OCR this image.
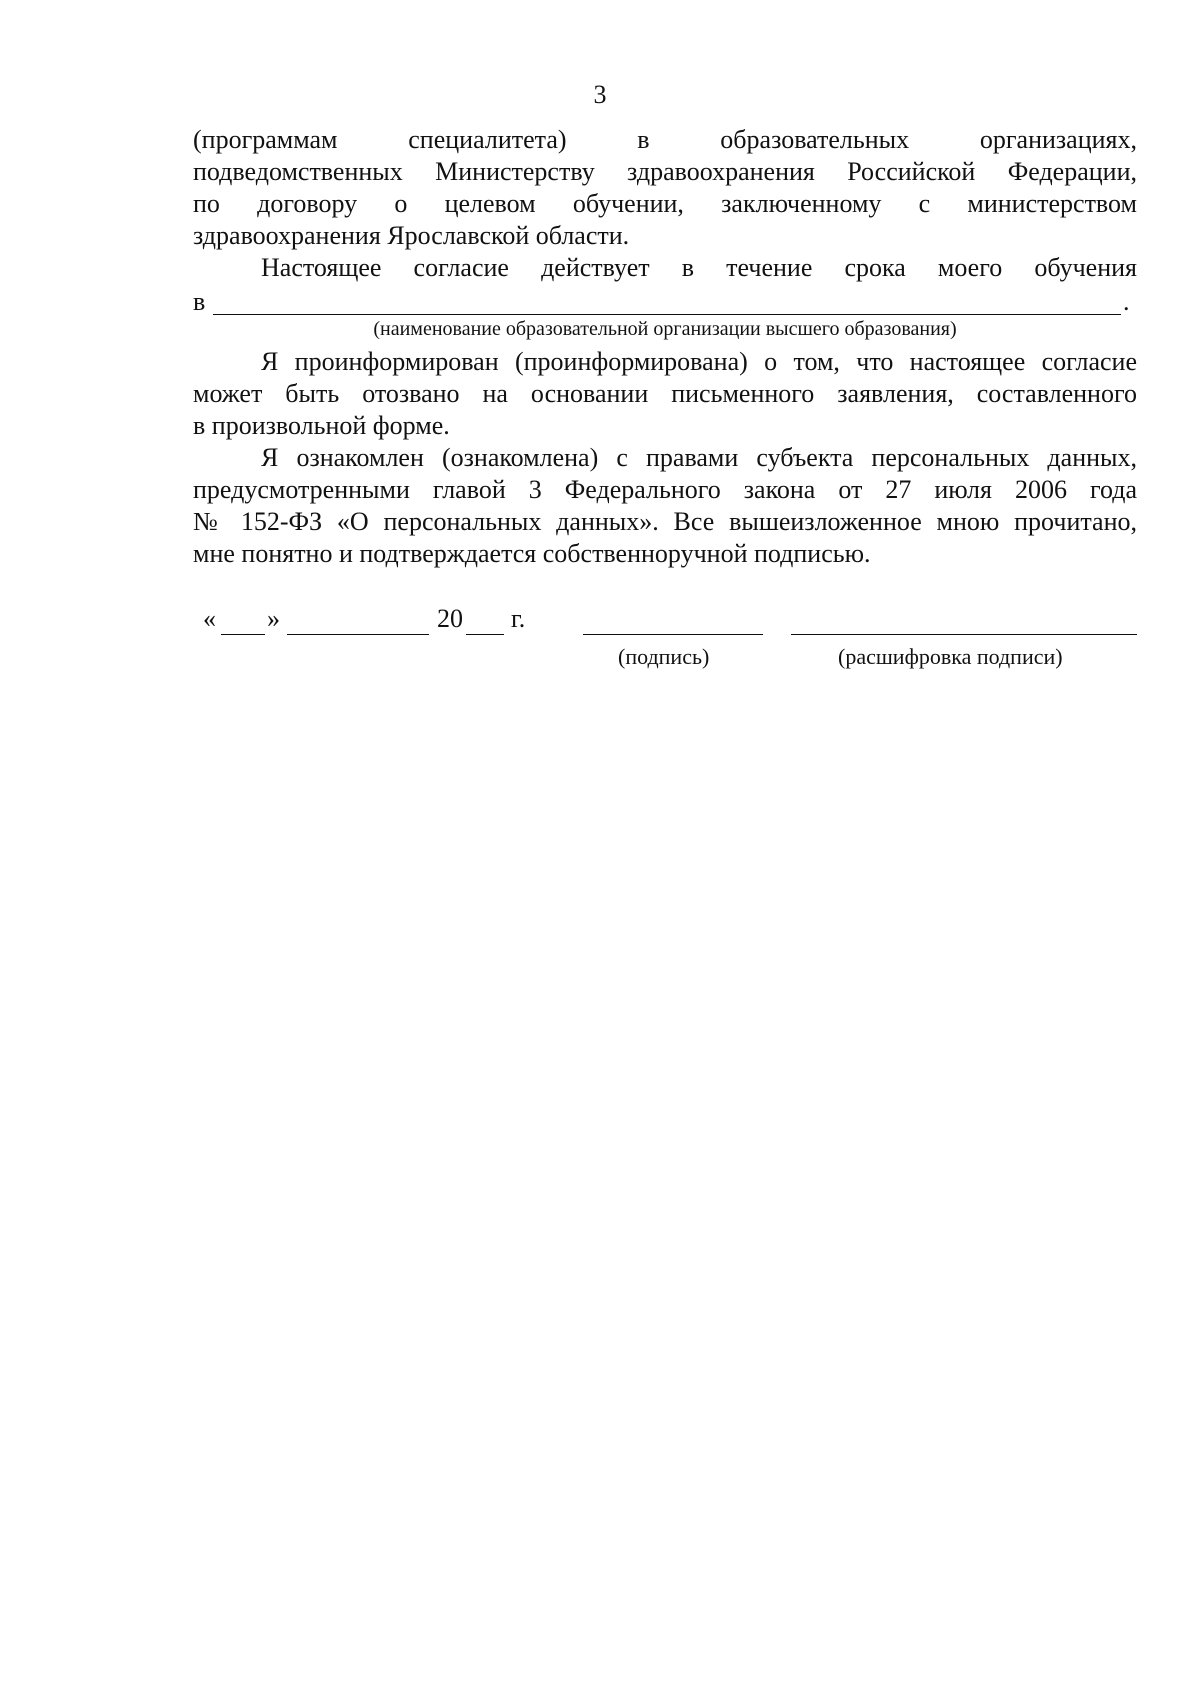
3

(программам специалитета) в образовательных организациях,

подведомственных Министерству здравоохранения Российской Федерации,

по договору о целевом обучении, заключенному с министерством

здравоохранения Ярославской области.

Настоящее согласие действует в течение срока моего обучения

в	.

(наименование образовательной организации высшего образования)

Я проинформирован (проинформирована) о том, что настоящее согласие

может быть отозвано на основании письменного заявления, составленного

в произвольной форме.

Я ознакомлен (ознакомлена) с правами субъекта персональных данных,

предусмотренными главой 3 Федерального закона от 27 июля 2006 года

№ 152-ФЗ «О персональных данных». Все вышеизложенное мною прочитано,

мне понятно и подтверждается собственноручной подписью.

« »	20 г.
(подпись)	(расшифровка подписи)
